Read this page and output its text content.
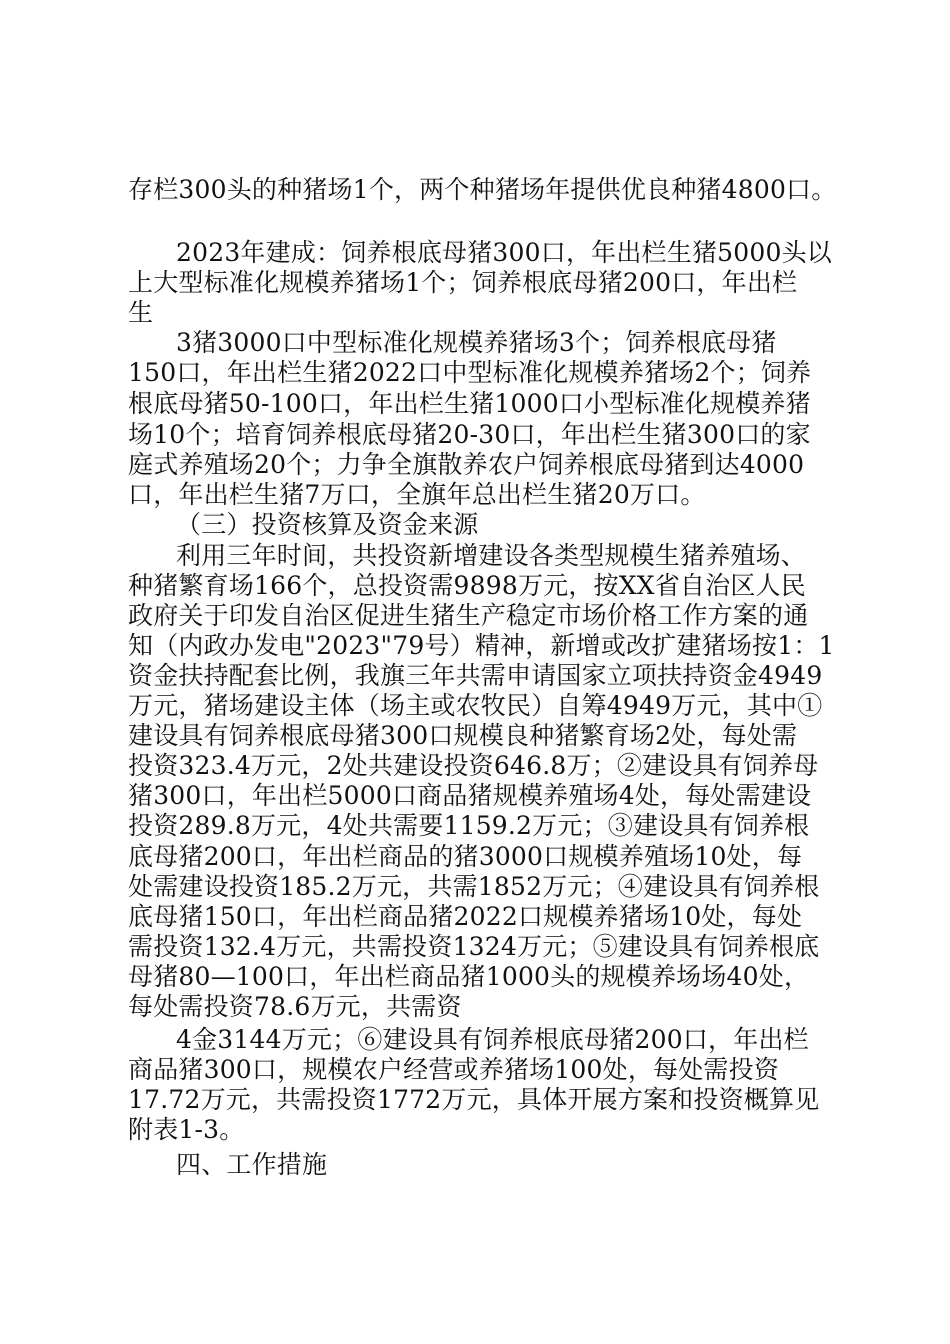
存栏300头的种猪场1个，两个种猪场年提供优良种猪4800口。

2023年建成：饲养根底母猪300口，年出栏生猪5000头以

上大型标准化规模养猪场1个；饲养根底母猪200口，年出栏

生

3猪3000口中型标准化规模养猪场3个；饲养根底母猪

150口，年出栏生猪2022口中型标准化规模养猪场2个；饲养

根底母猪50-100口，年出栏生猪1000口小型标准化规模养猪

场10个；培育饲养根底母猪20-30口，年出栏生猪300口的家

庭式养殖场20个；力争全旗散养农户饲养根底母猪到达4000

口，年出栏生猪7万口，全旗年总出栏生猪20万口。

（三）投资核算及资金来源

利用三年时间，共投资新增建设各类型规模生猪养殖场、

种猪繁育场166个，总投资需9898万元，按XX省自治区人民

政府关于印发自治区促进生猪生产稳定市场价格工作方案的通

知（内政办发电"2023"79号）精神，新增或改扩建猪场按1：1

资金扶持配套比例，我旗三年共需申请国家立项扶持资金4949

万元，猪场建设主体（场主或农牧民）自筹4949万元，其中①

建设具有饲养根底母猪300口规模良种猪繁育场2处，每处需

投资323.4万元，2处共建设投资646.8万；②建设具有饲养母

猪300口，年出栏5000口商品猪规模养殖场4处，每处需建设

投资289.8万元，4处共需要1159.2万元；③建设具有饲养根

底母猪200口，年出栏商品的猪3000口规模养殖场10处，每

处需建设投资185.2万元，共需1852万元；④建设具有饲养根

底母猪150口，年出栏商品猪2022口规模养猪场10处，每处

需投资132.4万元，共需投资1324万元；⑤建设具有饲养根底

母猪80—100口，年出栏商品猪1000头的规模养场场40处，

每处需投资78.6万元，共需资

4金3144万元；⑥建设具有饲养根底母猪200口，年出栏

商品猪300口，规模农户经营或养猪场100处，每处需投资

17.72万元，共需投资1772万元，具体开展方案和投资概算见

附表1-3。

四、工作措施
